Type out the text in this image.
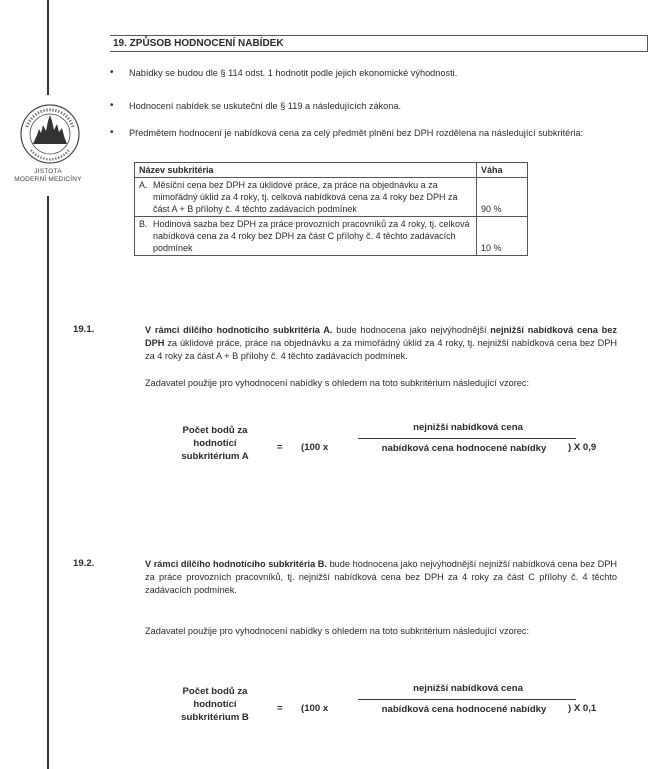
JISTOTA
MODERNÍ MEDICÍNY
19. ZPŮSOB HODNOCENÍ NABÍDEK
• Nabídky se budou dle § 114 odst. 1 hodnotit podle jejich ekonomické výhodnosti.
• Hodnocení nabídek se uskuteční dle § 119 a následujících zákona.
• Předmětem hodnocení je nabídková cena za celý předmět plnění bez DPH rozdělena na následující subkritéria:
Název subkritéria	Váha

A. Měsíční cena bez DPH za úklidové práce, za práce na objednávku a za mimořádný úklid za 4 roky, tj. celková nabídková cena za 4 roky bez DPH za část A + B přílohy č. 4 těchto zadávacích podmínek	90 %

B. Hodinová sazba bez DPH za práce provozních pracovníků za 4 roky, tj. celková nabídková cena za 4 roky bez DPH za část C přílohy č. 4 těchto zadávacích podmínek	10 %
19.1.	V rámci dílčího hodnotícího subkritéria A. bude hodnocena jako nejvýhodnější nejnižší nabídková cena bez DPH za úklidové práce, práce na objednávku a za mimořádný úklid za 4 roky, tj. nejnižší nabídková cena bez DPH za 4 roky za část A + B přílohy č. 4 těchto zadávacích podmínek.
Zadavatel použije pro vyhodnocení nabídky s ohledem na toto subkritérium následující vzorec:
Počet bodů za hodnotící subkritérium A
= (100 x
nejnižší nabídková cena
nabídková cena hodnocené nabídky	) X 0,9
19.2.	V rámci dílčího hodnotícího subkritéria B. bude hodnocena jako nejvýhodnější nejnižší nabídková cena bez DPH za práce provozních pracovníků, tj. nejnižší nabídková cena bez DPH za 4 roky za část C přílohy č. 4 těchto zadávacích podmínek.
Zadavatel použije pro vyhodnocení nabídky s ohledem na toto subkritérium následující vzorec:
Počet bodů za hodnotící subkritérium B
= (100 x
nejnižší nabídková cena
nabídková cena hodnocené nabídky	) X 0,1
